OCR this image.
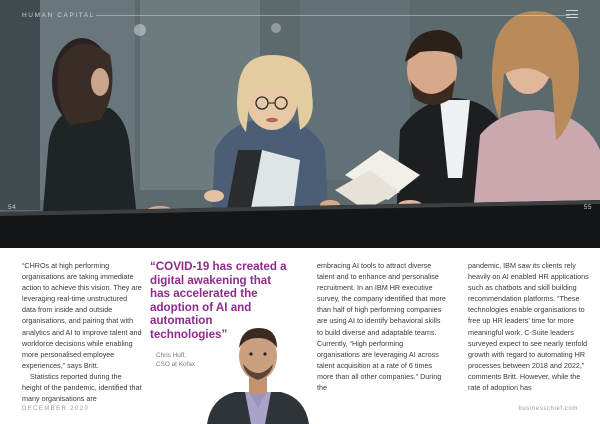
HUMAN CAPITAL
54	55

“CHROs at high performing organisations are taking immediate action to achieve this vision. They are leveraging real-time unstructured data from inside and outside organisations, and pairing that with analytics and AI to improve talent and workforce decisions while enabling more personalised employee experiences,” says Britt.

Statistics reported during the height of the pandemic, identified that many organisations are

“COVID-19 has created a digital awakening that has accelerated the adoption of AI and automation technologies”
Chris Huff,
CSO at Kofax
embracing AI tools to attract diverse talent and to enhance and personalise recruitment. In an IBM HR executive survey, the company identified that more than half of high performing companies are using AI to identify behavioral skills to build diverse and adaptable teams. Currently, “High performing organisations are leveraging AI across talent acquisition at a rate of 6 times more than all other companies.” During the
pandemic, IBM saw its clients rely heavily on AI enabled HR applications such as chatbots and skill building recommendation platforms. “These technologies enable organisations to free up HR leaders’ time for more meaningful work. C-Suite leaders surveyed expect to see nearly tenfold growth with regard to automating HR processes between 2018 and 2022,” comments Britt. However, while the rate of adoption has
DECEMBER 2020	businesschief.com
